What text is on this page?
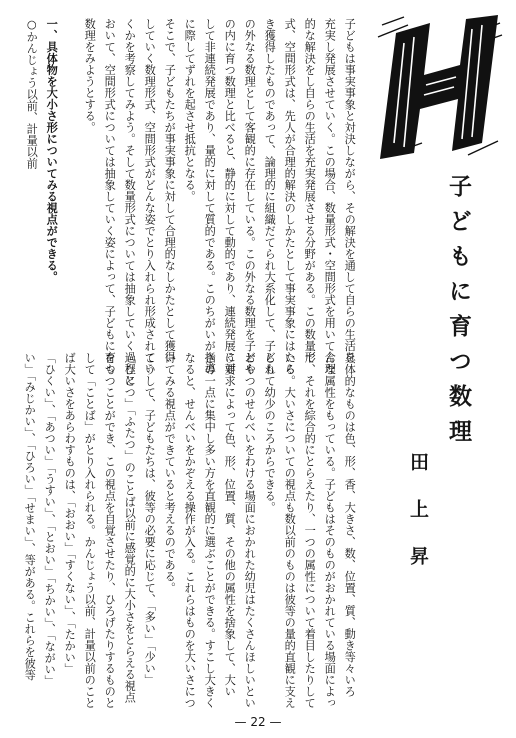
子どもに育つ数理
田上昇
子どもは事実事象と対決しながら、その解決を通して自らの生活を
充実し発展させていく。この場合、数量形式・空間形式を用いて合理
的な解決をし自らの生活を充実発展させる分野がある。この数量形
式、空間形式は、先人が合理的解決のしかたとして事実事象にはたら
き獲得したものであって、論理的に組織だてられ大系化して、子ども
の外なる数理として客観的に存在している。この外なる数理を子ども
の内に育つ数理と比べると、静的に対して動的であり、連続発展に対
して非連続発展であり、量的に対して質的である。このちがいが指導
に際してずれを起させ抵抗となる。
そこで、子どもたちが事実事象に対して合理的なしかたとして獲得
していく数理形式、空間形式がどんな姿でとり入れられ形成されてい
くかを考察してみよう。そして数量形式については抽象していく過程に
おいて、空間形式については抽象していく姿によって、子どもに育つ
数理をみようとする。
一、具体物を大小さ形についてみる視点ができる。
○かんじょう以前、計量以前
具体的なものは色、形、香、大きさ、数、位置、質、動き等々いろ
んな属性をもっている。子どもはそのものがおかれている場面によっ
て、それを綜合的にとらえたり、一つの属性について着目したりして
いる。大いさについての視点も数以前のものは彼等の量的直観に支え
られて幼少のころからできる。
おやつのせんべいをわける場面におかれた幼児はたくさんほしいとい
う要求によって色、形、位置、質、その他の属性を捨象して、大い
さの一点に集中し多い方を直観的に選ぶことができる。すこし大きく
なると、せんべいをかぞえる操作が入る。これらはものを大いさにつ
いてみる視点ができていると考えるのである。
こうして、子どもたちは、彼等の必要に応じて、「多い」「少い」
「ひとつ」「ふたつ」のことば以前に感覚的に大小さをとらえる視点
をもつことができ、この視点を自覚させたり、ひろげたりするものと
して「ことば」がとり入れられる。かんじょう以前、計量以前のこと
ば大いさをあらわすものは、「おおい」「すくない」、「たかい」
「ひくい」、「あつい」「うすい」、「とおい」「ちかい」、「ながい」
い」「みじかい」、「ひろい」「せまい」、等がある。これらを彼等
— 22 —
